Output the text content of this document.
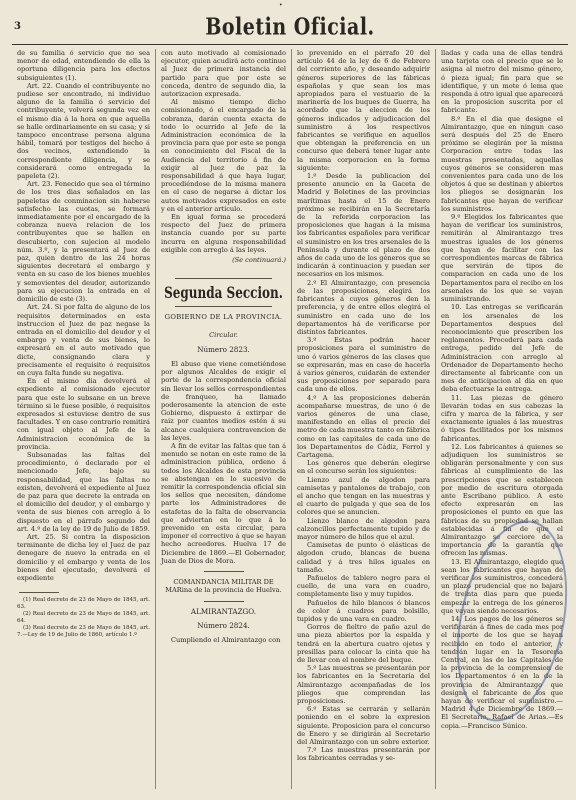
•
3	Boletin Oficial.

de su familia ó servicio que no sea menor de edad, entendiendo de ella la oportuna diligencia para los efectos subsiguientes (1).

Art. 22. Cuando el contribuyente no pudiese ser encontrado, ni individuo alguno de la familia ó servicio del contribuyente, volverá segunda vez en el mismo dia á la hora en que aquella se halle ordinariamente en su casa; y si tampoco encontrase persona alguna hábil, tomará por testigos del hecho á dos vecinos, extendiendo la correspondiente diligencia, y se considerará como entregada la papeleta (2).

Art. 23. Fenecido que sea el término de los tres dias señalados en las papeletas de conminacion sin haberse satisfecho las cuotas, se formará inmediatamente por el encargado de la cobranza nueva relacion de los contribuyentes que se hallen en descubierto, con sujecion al modelo núm. 3.º, y la presentará al Juez de paz, quien dentro de las 24 horas siguientes decretará el embargo y venta en su caso de los bienes muebles y semovientes del deudor, autorizando para su ejecucion la entrada en el domicilio de este (3).

Art. 24. Si por falta de alguno de los requisitos determinados en esta instruccion el Juez de paz negase la entrada en el domicilio del deudor y el embargo y venta de sus bienes, lo expresará en el auto motivado que dicte, consignando clara y precisamente el requisito ó requisitos en cuya falta funde su negativa.

En el mismo dia devolverá el expediente al comisionado ejecutor para que este lo subsane en un breve término si le fuese posible, ó requisitos expresados si estuviese dentro de sus facultades. Y en caso contrario remitirá con igual objeto al Jefe de la Administracion económica de la provincia.

Subsanadas las faltas del procedimiento, ó declarado por el mencionado Jefe, bajo su responsabilidad, que las faltas no existen, devolverá el expediente al Juez de paz para que decrete la entrada en el domicilio del deudor, y el embargo y venta de sus bienes con arreglo á lo dispuesto en el párrafo segundo del art. 4.º de la ley de 19 de Julio de 1859.

Art. 25. Si contra la disposicion terminante de dicha ley el Juez de paz denegare de nuevo la entrada en el domicilio y el embargo y venta de los bienes del ejecutado, devolverá el expediente

(1) Real decreto de 23 de Mayo de 1845, art. 63.
(2) Real decreto de 23 de Mayo de 1845, art. 64.
(3) Real decreto de 23 de Mayo de 1845, art. 7.—Ley de 19 de Julio de 1860, artículo 1.º

con auto motivado al comisionado ejecutor, quien acudirá acto continuo al Juez de primera instancia del partido para que por este se conceda, dentro de segundo dia, la autorizacion expresada.

Al mismo tiempo dicho comisionado, ó el encargado de la cobranza, darán cuenta exacta de todo lo ocurrido al Jefe de la Administracion económica de la provincia para que por este se ponga en conocimiento del Fiscal de la Audiencia del territorio á fin de exigir al Juez de paz la responsabilidad á que haya lugar, procediéndose de la misma manera en el caso de negarse á dictar los autos motivados expresados en este y en el anterior artículo.

En igual forma se procederá respecto del Juez de primera instancia cuando por su parte incurra en alguna responsabilidad exigible con arreglo á las leyes.

(Se continuará.)
Segunda Seccion.
GOBIERNO DE LA PROVINCIA.
Circular.
Número 2823.

El abuso que viene cometiéndose por algunos Alcaldes de exigir el porte de la correspondencia oficial sin llevar los sellos correspondientes de franqueo, ha llamado poderosamente la atencion de este Gobierno, dispuesto á extirpar de raiz por cuantos medios estén á su alcance cualquiera contravencion de las leyes.

A fin de evitar las faltas que tan á menudo se notan en este ramo de la administracion pública, ordeno á todos los Alcaldes de esta provincia se abstengan en lo sucesivo de remitir la correspondencia oficial sin los sellos que necesiten, dándome parte los Administradores de estafetas de la falta de observancia que adviertan en lo que á lo prevenido en esta circular, para imponer el correctivo á que se hayan hecho acreedores. Huelva 17 de Diciembre de 1869.—El Gobernador, Juan de Dios de Mora.

COMANDANCIA MILITAR DE MARina de la provincia de Huelva.
ALMIRANTAZGO.
Número 2824.

Cumpliendo el Almirantazgo con

lo prevenido en el párrafo 20 del artículo 44 de la ley de 6 de Febrero del corriente año, y deseando adquirir géneros superiores de las fábricas españolas y que sean los mas apropiados para el vestuario de la marinería de los buques de Guerra, ha acordado que la eleccion de los géneros indicados y adjudicacion del suministro á los respectivos fabricantes se verifique en aquellos que obtengan la preferencia en un concurso que deberá tener lugar ante la misma corporacion en la forma siguiente:

1.º Desde la publicacion del presente anuncio en la Gaceta de Madrid y Boletines de las provincias marítimas hasta el 15 de Enero próximo se recibirán en la Secretaría de la referida corporacion las proposiciones que hagan á la misma los fabricantes españoles para verificar el suministro en los tres arsenales de la Península y durante el plazo de dos años de cada uno de los géneros que se indicarán á continuacion y puedan ser necesarios en los mismos.

2.º El Almirantazgo, con presencia de las proposiciones, elegirá los fabricantes á cuyos géneros den la preferencia, y de entre ellos elegirá el suministro en cada uno de los departamentos há de verificarse por distintos fabricantes.

3.º Estas podrán hacer proposiciones para el suministro de uno ó varios géneros de las clases que se expresarán, mas en caso de hacerla á varios géneros, cuidarán de extender sus proposiciones por separado para cada uno de ellos.

4.º A las proposiciones deberán acompañarse muestras, de uno ó de varios géneros de una clase, manifestando en ellas el precio del metro de cada muestra tanto en fábrica como en las capitales de cada uno de los Departamentos de Cádiz, Ferrol y Cartagena.

Los géneros que deberán elegirse en el concurso serán los siguientes:

Lienzo azul de algodon para camisetas y pantalones de trabajo, con el ancho que tengan en las muestras y el cuarto de pulgada y que sea de los colores que se anuncien.

Lienzo blanco de algodon para calzoncillos perfectamente tupido y de mayor número de hilos que el azul.

Camisetas de punto ó elásticas de algodon crudo, blancas de buena calidad y á tres hilos iguales en tamaño.

Pañuelos de tablero negro para el cuello, de una vara en cuadro, completamente liso y muy tupidos.

Pañuelos de hilo blancos ó blancos de color á cuadros para bolsillo, tupidos y de una vara en cuadro.

Gorros de fieltro de paño azul de una pieza abiertos por la espalda y tendrá en la abertura cuatro ojetes y presillas para colocar la cinta que ha de llevar con el nombre del buque.

5.º Las muestras se presentarán por los fabricantes en la Secretaría del Almirantazgo acompañadas de los pliegos que comprendan las proposiciones.

6.º Estas se cerrarán y sellarán poniendo en el sobre la expresion siguiente. Proposicion para el concurso de Enero y se dirigirán al Secretario del Almirantazgo con un sobre exterior.

7.º Las muestras presentarán por los fabricantes cerradas y se-

lladas y cada una de ellas tendrá una tarjeta con el precio que se le asigna al metro del mismo género, ó pieza igual; fin para que se identifique, y un mote ó lema que responda á otro igual que aparecerá en la proposicion suscrita por el fabricante.

8.º En el dia que designe el Almirantazgo, que en ningun caso será después del 25 de Enero próximo se elegirán por la misma Corporacion entre todas las muestras presentadas, aquellas cuyos géneros se consideren mas convenientes para cada uno de los objetos á que se destinan y abiertos los pliegos se designarán los fabricantes que hayan de verificar los suministros.

9.º Elegidos los fabricantes que hayan de verificar los suministros, remitirán al Almirantazgo tres muestras iguales de los géneros que hayan de facilitar con las correspondientes marcas de fábrica que servirán de tipos de comparacion en cada uno de los Departamentos para el recibo en los arsenales de los que se vayan suministrando.

10. Las entregas se verificarán en los arsenales de los Departamentos despues del reconocimiento que prescriben los reglamentos. Procederá para cada entrega, pedido del Jefe de Administracion con arreglo al Ordenador de Departamento hecho directamente al fabricante con un mes de anticipacion al dia en que deba efectuarse la entrega.

11. Las piezas de género llevarán todas en sus cabezas la cifra y marca de la fábrica, y ser exactamente iguales á las muestras ó tipos facilitados por los mismos fabricantes.

12. Los fabricantes á quienes se adjudiquen los suministros se obligarán personalmente y con sus fábricas al cumplimiento de las prescripciones que se establecen por medio de escritura otorgada ante Escribano público. A este efecto expresarán en las proposiciones el punto en que las fábricas de su propiedad se hallan establecidas á fin de que el Almirantazgo se cerciore de la importancia de la garantía que ofrecen las mismas.

13. El Almirantazgo, elegido que sean los fabricantes que hayan de verificar los suministros, concederá un plazo prudencial que no bajará de treinta dias para que pueda empezar la entrega de los géneros que vayan siendo necesarios.

14. Los pagos de los géneros se verificarán á fines de cada mes por el importe de los que se hayan recibido en todo el anterior, y tendrán lugar en la Tesorería Central, en las de las Capitales de la provincia de la comprension de los Departamentos ó en la de la provincia de Almirantazgo que designe el fabricante de los que hayan de verificar el suministro.—Madrid 4 de Diciembre de 1869.—El Secretario, Rafael de Arias.—Es copia.—Francisco Súnico.
